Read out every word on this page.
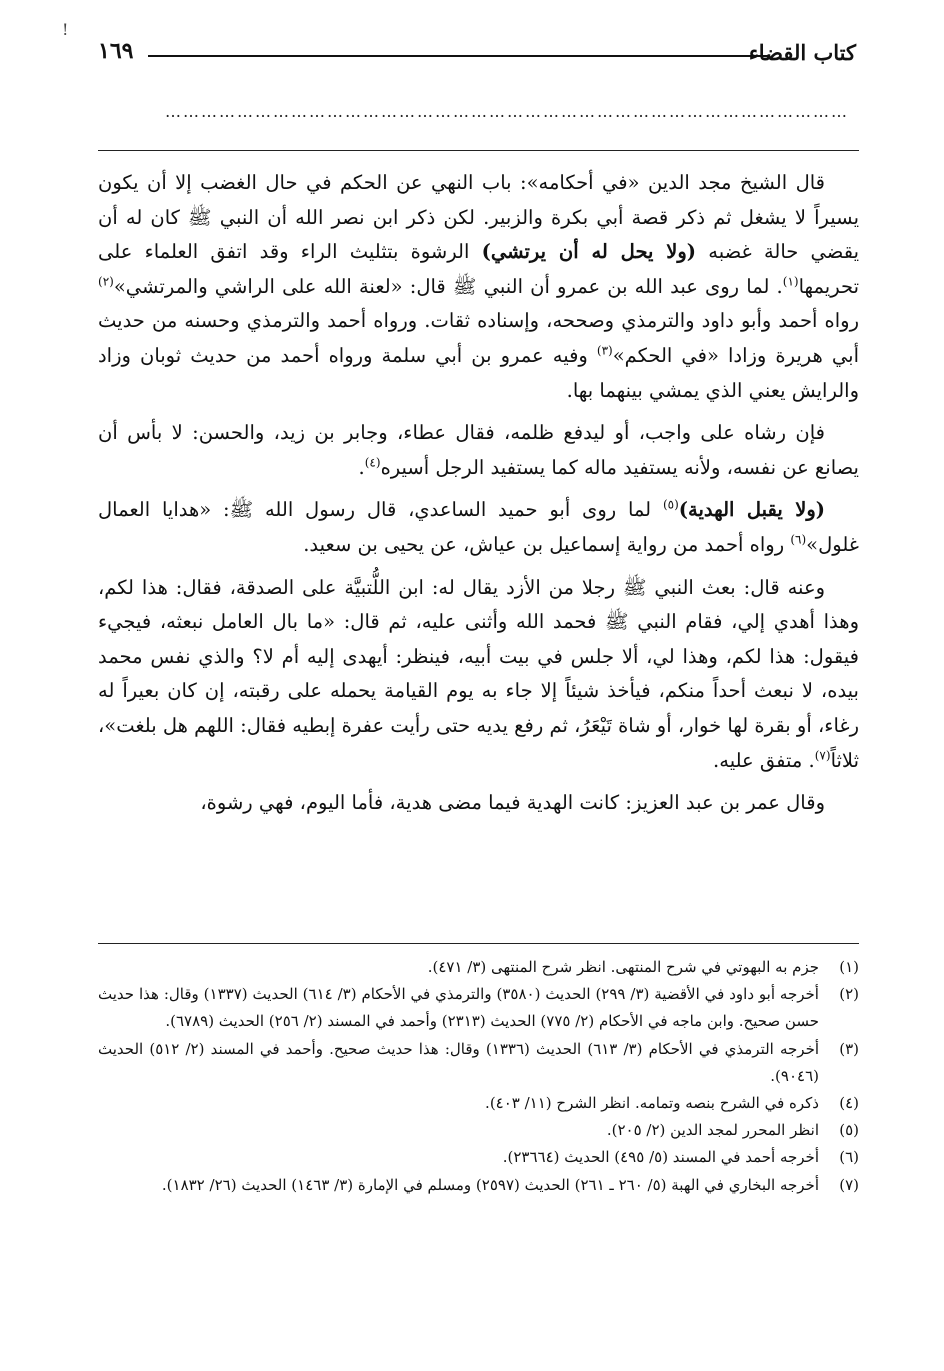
!
كتاب القضاء
١٦٩
……………………………………………………………………………………………………

قال الشيخ مجد الدين «في أحكامه»: باب النهي عن الحكم في حال الغضب إلا أن يكون يسيراً لا يشغل ثم ذكر قصة أبي بكرة والزبير. لكن ذكر ابن نصر الله أن النبي ﷺ كان له أن يقضي حالة غضبه (ولا يحل له أن يرتشي) الرشوة بتثليث الراء وقد اتفق العلماء على تحريمها$^{(١)}$. لما روى عبد الله بن عمرو أن النبي ﷺ قال: «لعنة الله على الراشي والمرتشي»$^{(٢)}$ رواه أحمد وأبو داود والترمذي وصححه، وإسناده ثقات. ورواه أحمد والترمذي وحسنه من حديث أبي هريرة وزادا «في الحكم»$^{(٣)}$ وفيه عمرو بن أبي سلمة ورواه أحمد من حديث ثوبان وزاد والرايش يعني الذي يمشي بينهما بها.

فإن رشاه على واجب، أو ليدفع ظلمه، فقال عطاء، وجابر بن زيد، والحسن: لا بأس أن يصانع عن نفسه، ولأنه يستفيد ماله كما يستفيد الرجل أسيره$^{(٤)}$.

(ولا يقبل الهدية)$^{(٥)}$ لما روى أبو حميد الساعدي، قال رسول الله ﷺ: «هدايا العمال غلول»$^{(٦)}$ رواه أحمد من رواية إسماعيل بن عياش، عن يحيى بن سعيد.

وعنه قال: بعث النبي ﷺ رجلا من الأزد يقال له: ابن اللُّتبيَّة على الصدقة، فقال: هذا لكم، وهذا أهدي إلي، فقام النبي ﷺ فحمد الله وأثنى عليه، ثم قال: «ما بال العامل نبعثه، فيجيء فيقول: هذا لكم، وهذا لي، ألا جلس في بيت أبيه، فينظر: أيهدى إليه أم لا؟ والذي نفس محمد بيده، لا نبعث أحداً منكم، فيأخذ شيئاً إلا جاء به يوم القيامة يحمله على رقبته، إن كان بعيراً له رغاء، أو بقرة لها خوار، أو شاة تَيْعَرُ، ثم رفع يديه حتى رأيت عفرة إبطيه فقال: اللهم هل بلغت»، ثلاثاً$^{(٧)}$. متفق عليه.

وقال عمر بن عبد العزيز: كانت الهدية فيما مضى هدية، فأما اليوم، فهي رشوة،

(١)
جزم به البهوتي في شرح المنتهى. انظر شرح المنتهى (٣/ ٤٧١).
(٢)
أخرجه أبو داود في الأقضية (٣/ ٢٩٩) الحديث (٣٥٨٠) والترمذي في الأحكام (٣/ ٦١٤) الحديث (١٣٣٧) وقال: هذا حديث حسن صحيح. وابن ماجه في الأحكام (٢/ ٧٧٥) الحديث (٢٣١٣) وأحمد في المسند (٢/ ٢٥٦) الحديث (٦٧٨٩).
(٣)
أخرجه الترمذي في الأحكام (٣/ ٦١٣) الحديث (١٣٣٦) وقال: هذا حديث صحيح. وأحمد في المسند (٢/ ٥١٢) الحديث (٩٠٤٦).
(٤)
ذكره في الشرح بنصه وتمامه. انظر الشرح (١١/ ٤٠٣).
(٥)
انظر المحرر لمجد الدين (٢/ ٢٠٥).
(٦)
أخرجه أحمد في المسند (٥/ ٤٩٥) الحديث (٢٣٦٦٤).
(٧)
أخرجه البخاري في الهبة (٥/ ٢٦٠ ـ ٢٦١) الحديث (٢٥٩٧) ومسلم في الإمارة (٣/ ١٤٦٣) الحديث (٢٦/ ١٨٣٢).
